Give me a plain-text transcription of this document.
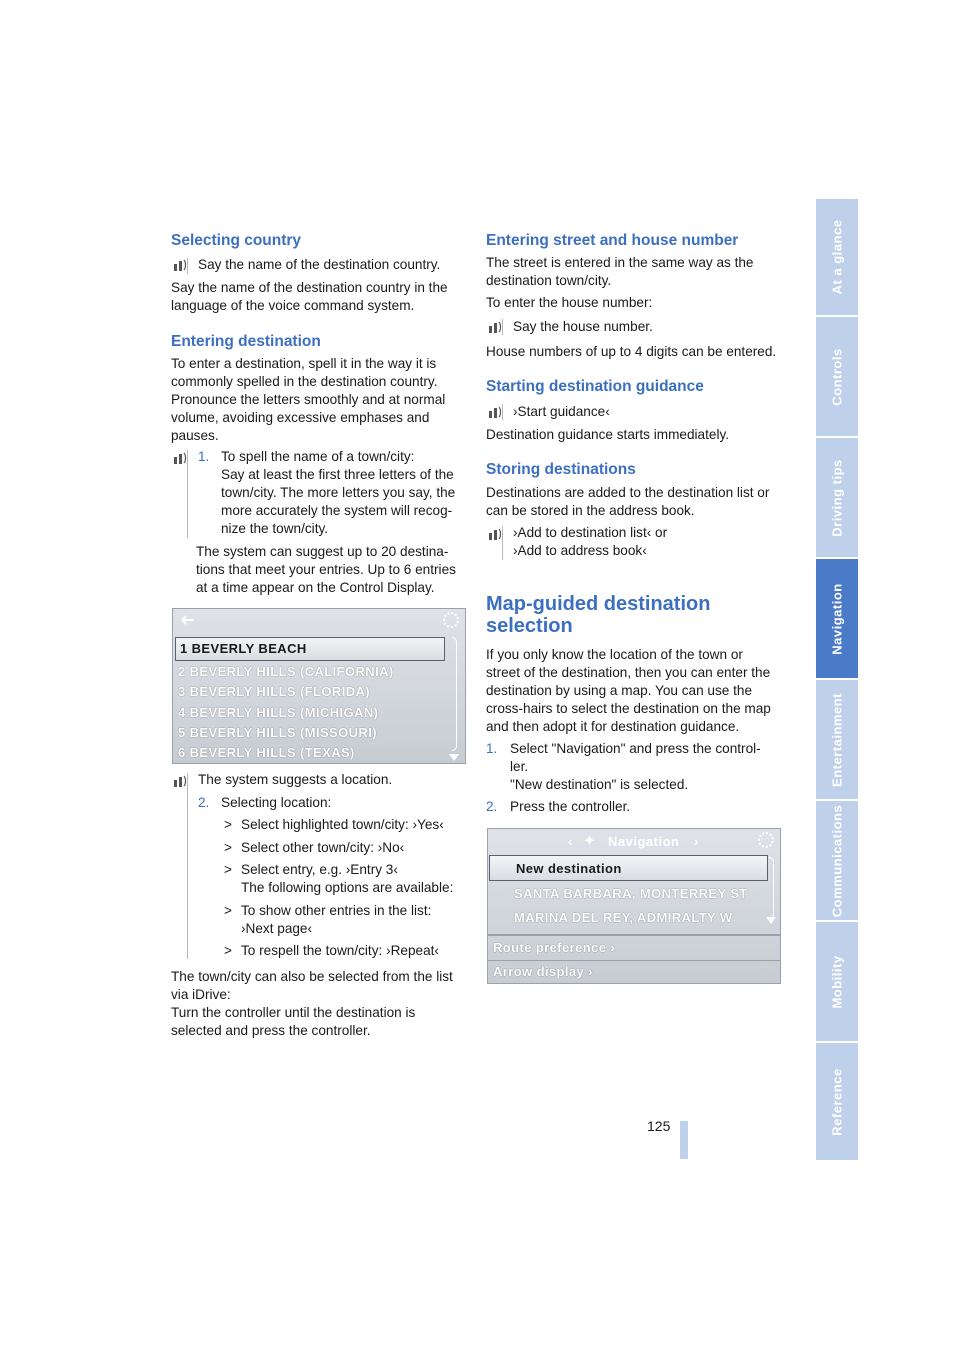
Selecting country
Say the name of the destination country.
Say the name of the destination country in the
language of the voice command system.
Entering destination
To enter a destination, spell it in the way it is
commonly spelled in the destination country.
Pronounce the letters smoothly and at normal
volume, avoiding excessive emphases and
pauses.
1. To spell the name of a town/city:
Say at least the first three letters of the
town/city. The more letters you say, the
more accurately the system will recog-
nize the town/city.
The system can suggest up to 20 destina-
tions that meet your entries. Up to 6 entries
at a time appear on the Control Display.
1 BEVERLY BEACH
2 BEVERLY HILLS (CALIFORNIA)
3 BEVERLY HILLS (FLORIDA)
4 BEVERLY HILLS (MICHIGAN)
5 BEVERLY HILLS (MISSOURI)
6 BEVERLY HILLS (TEXAS)
The system suggests a location.
2. Selecting location:
> Select highlighted town/city: ›Yes‹
> Select other town/city: ›No‹
> Select entry, e.g. ›Entry 3‹
The following options are available:
> To show other entries in the list:
›Next page‹
> To respell the town/city: ›Repeat‹
The town/city can also be selected from the list
via iDrive:
Turn the controller until the destination is
selected and press the controller.
Entering street and house number
The street is entered in the same way as the
destination town/city.
To enter the house number:
Say the house number.
House numbers of up to 4 digits can be entered.
Starting destination guidance
›Start guidance‹
Destination guidance starts immediately.
Storing destinations
Destinations are added to the destination list or
can be stored in the address book.
›Add to destination list‹ or
›Add to address book‹
Map-guided destination
selection
If you only know the location of the town or
street of the destination, then you can enter the
destination by using a map. You can use the
cross-hairs to select the destination on the map
and then adopt it for destination guidance.
1. Select "Navigation" and press the control-
ler.
"New destination" is selected.
2. Press the controller.
‹ ✦ Navigation ›
New destination
SANTA BARBARA, MONTERREY ST
MARINA DEL REY, ADMIRALTY W
Route preference ›
Arrow display ›
125
At a glance
Controls
Driving tips
Navigation
Entertainment
Communications
Mobility
Reference
